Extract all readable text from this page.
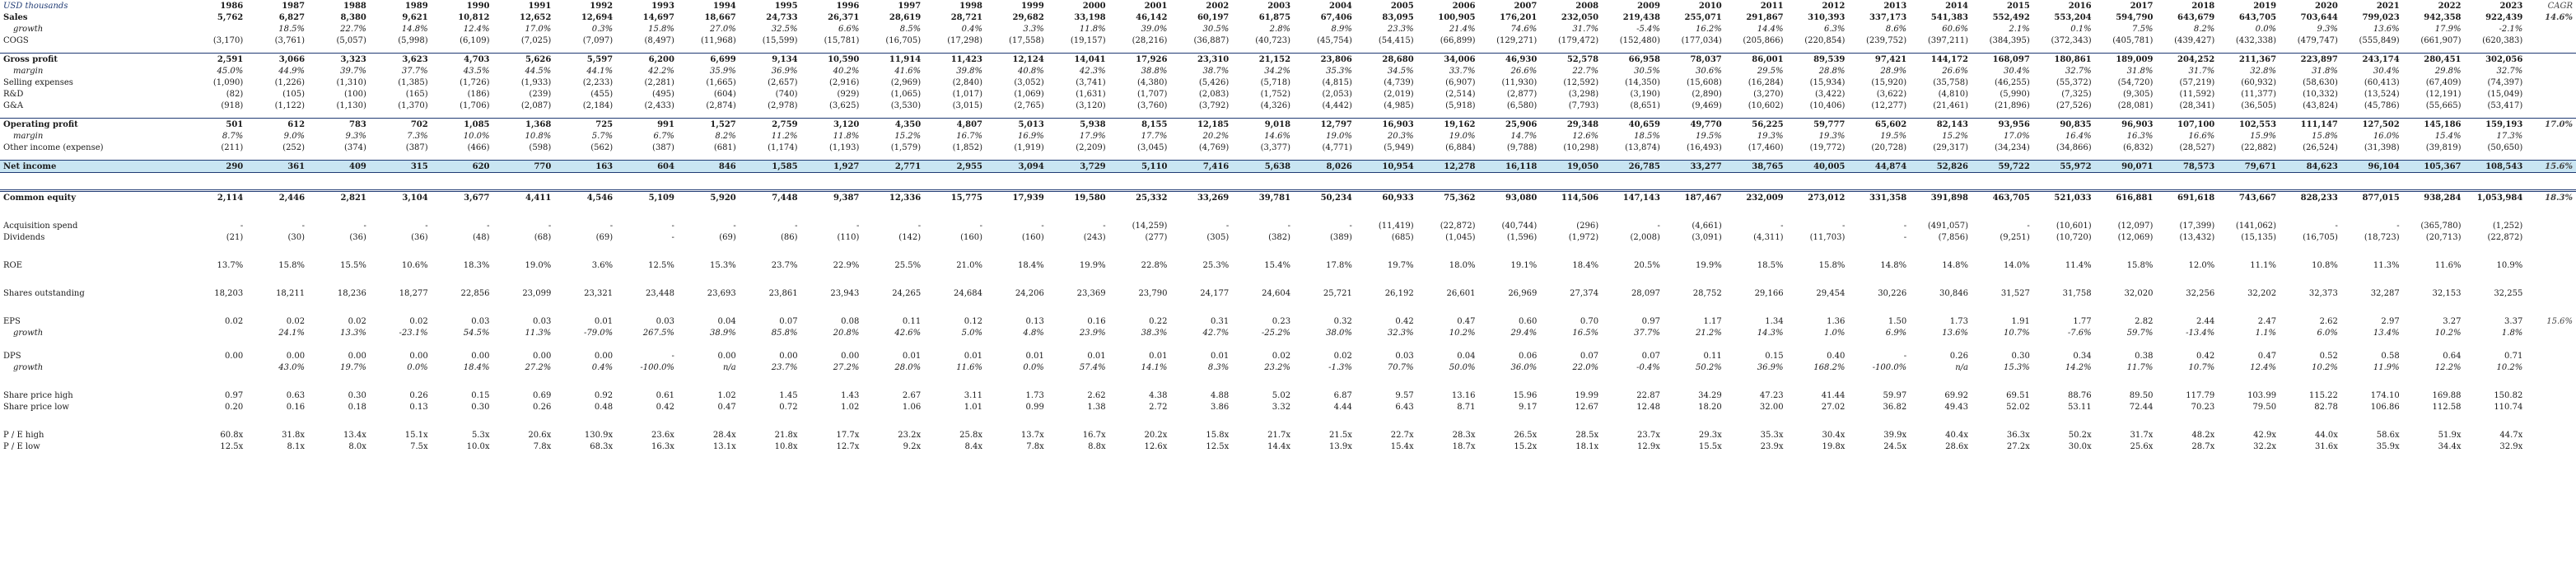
USD thousands	1986	1987	1988	1989	1990	1991	1992	1993	1994	1995	1996	1997	1998	1999	2000	2001	2002	2003	2004	2005	2006	2007	2008	2009	2010	2011	2012	2013	2014	2015	2016	2017	2018	2019	2020	2021	2022	2023	CAGR
Sales	5,762	6,827	8,380	9,621	10,812	12,652	12,694	14,697	18,667	24,733	26,371	28,619	28,721	29,682	33,198	46,142	60,197	61,875	67,406	83,095	100,905	176,201	232,050	219,438	255,071	291,867	310,393	337,173	541,383	552,492	553,204	594,790	643,679	643,705	703,644	799,023	942,358	922,439	14.6%
growth		18.5%	22.7%	14.8%	12.4%	17.0%	0.3%	15.8%	27.0%	32.5%	6.6%	8.5%	0.4%	3.3%	11.8%	39.0%	30.5%	2.8%	8.9%	23.3%	21.4%	74.6%	31.7%	-5.4%	16.2%	14.4%	6.3%	8.6%	60.6%	2.1%	0.1%	7.5%	8.2%	0.0%	9.3%	13.6%	17.9%	-2.1%	
COGS	(3,170)	(3,761)	(5,057)	(5,998)	(6,109)	(7,025)	(7,097)	(8,497)	(11,968)	(15,599)	(15,781)	(16,705)	(17,298)	(17,558)	(19,157)	(28,216)	(36,887)	(40,723)	(45,754)	(54,415)	(66,899)	(129,271)	(179,472)	(152,480)	(177,034)	(205,866)	(220,854)	(239,752)	(397,211)	(384,395)	(372,343)	(405,781)	(439,427)	(432,338)	(479,747)	(555,849)	(661,907)	(620,383)	

Gross profit	2,591	3,066	3,323	3,623	4,703	5,626	5,597	6,200	6,699	9,134	10,590	11,914	11,423	12,124	14,041	17,926	23,310	21,152	23,806	28,680	34,006	46,930	52,578	66,958	78,037	86,001	89,539	97,421	144,172	168,097	180,861	189,009	204,252	211,367	223,897	243,174	280,451	302,056	
margin	45.0%	44.9%	39.7%	37.7%	43.5%	44.5%	44.1%	42.2%	35.9%	36.9%	40.2%	41.6%	39.8%	40.8%	42.3%	38.8%	38.7%	34.2%	35.3%	34.5%	33.7%	26.6%	22.7%	30.5%	30.6%	29.5%	28.8%	28.9%	26.6%	30.4%	32.7%	31.8%	31.7%	32.8%	31.8%	30.4%	29.8%	32.7%	
Selling expenses	(1,090)	(1,226)	(1,310)	(1,385)	(1,726)	(1,933)	(2,233)	(2,281)	(1,665)	(2,657)	(2,916)	(2,969)	(2,840)	(3,052)	(3,741)	(4,380)	(5,426)	(5,718)	(4,815)	(4,739)	(6,907)	(11,930)	(12,592)	(14,350)	(15,608)	(16,284)	(15,934)	(15,920)	(35,758)	(46,255)	(55,372)	(54,720)	(57,219)	(60,932)	(58,630)	(60,413)	(67,409)	(74,397)	
R&D	(82)	(105)	(100)	(165)	(186)	(239)	(455)	(495)	(604)	(740)	(929)	(1,065)	(1,017)	(1,069)	(1,631)	(1,707)	(2,083)	(1,752)	(2,053)	(2,019)	(2,514)	(2,877)	(3,298)	(3,190)	(2,890)	(3,270)	(3,422)	(3,622)	(4,810)	(5,990)	(7,325)	(9,305)	(11,592)	(11,377)	(10,332)	(13,524)	(12,191)	(15,049)	
G&A	(918)	(1,122)	(1,130)	(1,370)	(1,706)	(2,087)	(2,184)	(2,433)	(2,874)	(2,978)	(3,625)	(3,530)	(3,015)	(2,765)	(3,120)	(3,760)	(3,792)	(4,326)	(4,442)	(4,985)	(5,918)	(6,580)	(7,793)	(8,651)	(9,469)	(10,602)	(10,406)	(12,277)	(21,461)	(21,896)	(27,526)	(28,081)	(28,341)	(36,505)	(43,824)	(45,786)	(55,665)	(53,417)	

Operating profit	501	612	783	702	1,085	1,368	725	991	1,527	2,759	3,120	4,350	4,807	5,013	5,938	8,155	12,185	9,018	12,797	16,903	19,162	25,906	29,348	40,659	49,770	56,225	59,777	65,602	82,143	93,956	90,835	96,903	107,100	102,553	111,147	127,502	145,186	159,193	17.0%
margin	8.7%	9.0%	9.3%	7.3%	10.0%	10.8%	5.7%	6.7%	8.2%	11.2%	11.8%	15.2%	16.7%	16.9%	17.9%	17.7%	20.2%	14.6%	19.0%	20.3%	19.0%	14.7%	12.6%	18.5%	19.5%	19.3%	19.3%	19.5%	15.2%	17.0%	16.4%	16.3%	16.6%	15.9%	15.8%	16.0%	15.4%	17.3%	
Other income (expense)	(211)	(252)	(374)	(387)	(466)	(598)	(562)	(387)	(681)	(1,174)	(1,193)	(1,579)	(1,852)	(1,919)	(2,209)	(3,045)	(4,769)	(3,377)	(4,771)	(5,949)	(6,884)	(9,788)	(10,298)	(13,874)	(16,493)	(17,460)	(19,772)	(20,728)	(29,317)	(34,234)	(34,866)	(6,832)	(28,527)	(22,882)	(26,524)	(31,398)	(39,819)	(50,650)	

Net income	290	361	409	315	620	770	163	604	846	1,585	1,927	2,771	2,955	3,094	3,729	5,110	7,416	5,638	8,026	10,954	12,278	16,118	19,050	26,785	33,277	38,765	40,005	44,874	52,826	59,722	55,972	90,071	78,573	79,671	84,623	96,104	105,367	108,543	15.6%

Common equity	2,114	2,446	2,821	3,104	3,677	4,411	4,546	5,109	5,920	7,448	9,387	12,336	15,775	17,939	19,580	25,332	33,269	39,781	50,234	60,933	75,362	93,080	114,506	147,143	187,467	232,009	273,012	331,358	391,898	463,705	521,033	616,881	691,618	743,667	828,233	877,015	938,284	1,053,984	18.3%

Acquisition spend	-	-	-	-	-	-	-	-	-	-	-	-	-	-	-	(14,259)	-	-	-	(11,419)	(22,872)	(40,744)	(296)	-	(4,661)	-	-	-	(491,057)	-	(10,601)	(12,097)	(17,399)	(141,062)	-	-	(365,780)	(1,252)	
Dividends	(21)	(30)	(36)	(36)	(48)	(68)	(69)	-	(69)	(86)	(110)	(142)	(160)	(160)	(243)	(277)	(305)	(382)	(389)	(685)	(1,045)	(1,596)	(1,972)	(2,008)	(3,091)	(4,311)	(11,703)	-	(7,856)	(9,251)	(10,720)	(12,069)	(13,432)	(15,135)	(16,705)	(18,723)	(20,713)	(22,872)	

ROE	13.7%	15.8%	15.5%	10.6%	18.3%	19.0%	3.6%	12.5%	15.3%	23.7%	22.9%	25.5%	21.0%	18.4%	19.9%	22.8%	25.3%	15.4%	17.8%	19.7%	18.0%	19.1%	18.4%	20.5%	19.9%	18.5%	15.8%	14.8%	14.8%	14.0%	11.4%	15.8%	12.0%	11.1%	10.8%	11.3%	11.6%	10.9%	

Shares outstanding	18,203	18,211	18,236	18,277	22,856	23,099	23,321	23,448	23,693	23,861	23,943	24,265	24,684	24,206	23,369	23,790	24,177	24,604	25,721	26,192	26,601	26,969	27,374	28,097	28,752	29,166	29,454	30,226	30,846	31,527	31,758	32,020	32,256	32,202	32,373	32,287	32,153	32,255	

EPS	0.02	0.02	0.02	0.02	0.03	0.03	0.01	0.03	0.04	0.07	0.08	0.11	0.12	0.13	0.16	0.22	0.31	0.23	0.32	0.42	0.47	0.60	0.70	0.97	1.17	1.34	1.36	1.50	1.73	1.91	1.77	2.82	2.44	2.47	2.62	2.97	3.27	3.37	15.6%
growth		24.1%	13.3%	-23.1%	54.5%	11.3%	-79.0%	267.5%	38.9%	85.8%	20.8%	42.6%	5.0%	4.8%	23.9%	38.3%	42.7%	-25.2%	38.0%	32.3%	10.2%	29.4%	16.5%	37.7%	21.2%	14.3%	1.0%	6.9%	13.6%	10.7%	-7.6%	59.7%	-13.4%	1.1%	6.0%	13.4%	10.2%	1.8%	

DPS	0.00	0.00	0.00	0.00	0.00	0.00	0.00	-	0.00	0.00	0.00	0.01	0.01	0.01	0.01	0.01	0.01	0.02	0.02	0.03	0.04	0.06	0.07	0.07	0.11	0.15	0.40	-	0.26	0.30	0.34	0.38	0.42	0.47	0.52	0.58	0.64	0.71	
growth		43.0%	19.7%	0.0%	18.4%	27.2%	0.4%	-100.0%	n/a	23.7%	27.2%	28.0%	11.6%	0.0%	57.4%	14.1%	8.3%	23.2%	-1.3%	70.7%	50.0%	36.0%	22.0%	-0.4%	50.2%	36.9%	168.2%	-100.0%	n/a	15.3%	14.2%	11.7%	10.7%	12.4%	10.2%	11.9%	12.2%	10.2%	

Share price high	0.97	0.63	0.30	0.26	0.15	0.69	0.92	0.61	1.02	1.45	1.43	2.67	3.11	1.73	2.62	4.38	4.88	5.02	6.87	9.57	13.16	15.96	19.99	22.87	34.29	47.23	41.44	59.97	69.92	69.51	88.76	89.50	117.79	103.99	115.22	174.10	169.88	150.82	
Share price low	0.20	0.16	0.18	0.13	0.30	0.26	0.48	0.42	0.47	0.72	1.02	1.06	1.01	0.99	1.38	2.72	3.86	3.32	4.44	6.43	8.71	9.17	12.67	12.48	18.20	32.00	27.02	36.82	49.43	52.02	53.11	72.44	70.23	79.50	82.78	106.86	112.58	110.74	

P / E high	60.8x	31.8x	13.4x	15.1x	5.3x	20.6x	130.9x	23.6x	28.4x	21.8x	17.7x	23.2x	25.8x	13.7x	16.7x	20.2x	15.8x	21.7x	21.5x	22.7x	28.3x	26.5x	28.5x	23.7x	29.3x	35.3x	30.4x	39.9x	40.4x	36.3x	50.2x	31.7x	48.2x	42.9x	44.0x	58.6x	51.9x	44.7x	
P / E low	12.5x	8.1x	8.0x	7.5x	10.0x	7.8x	68.3x	16.3x	13.1x	10.8x	12.7x	9.2x	8.4x	7.8x	8.8x	12.6x	12.5x	14.4x	13.9x	15.4x	18.7x	15.2x	18.1x	12.9x	15.5x	23.9x	19.8x	24.5x	28.6x	27.2x	30.0x	25.6x	28.7x	32.2x	31.6x	35.9x	34.4x	32.9x	
